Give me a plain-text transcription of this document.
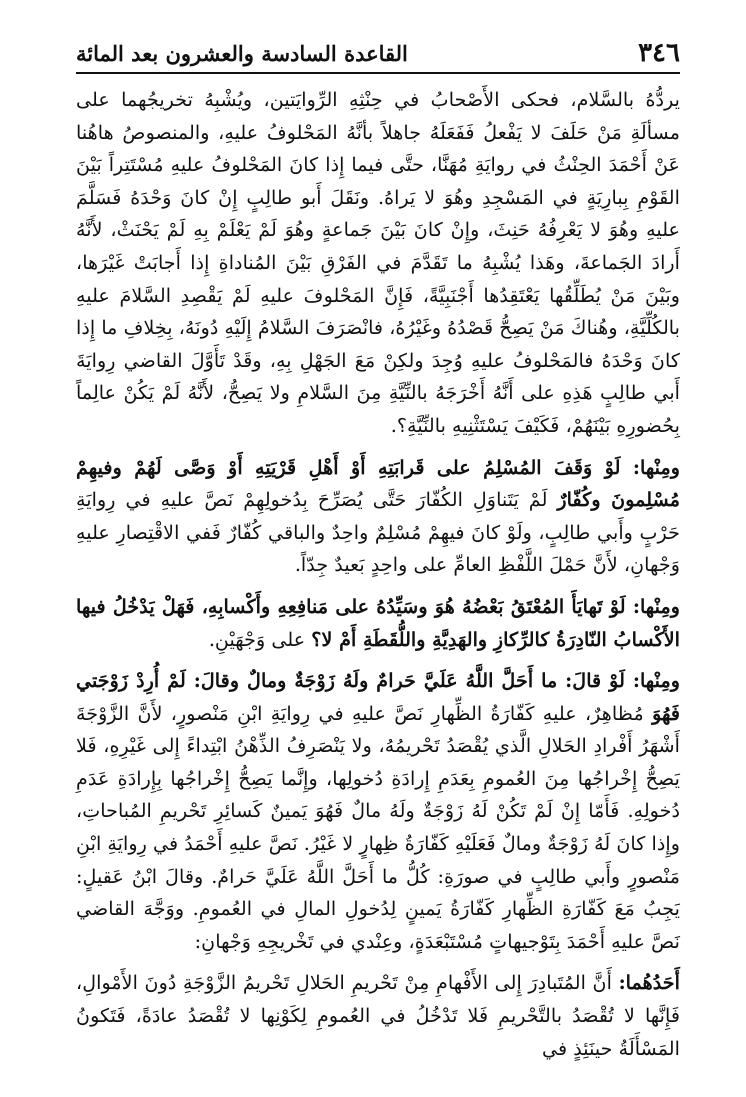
٣٤٦
القاعدة السادسة والعشرون بعد المائة

يردُّهُ بالسَّلام، فحكى الأَصْحابُ في حِنْثِهِ الرِّوايَتين، ويُشْبِهُ تخريجُهما على مسألَةِ مَنْ حَلَفَ لا يَفْعلُ فَفَعَلَهُ جاهلاً بأنَّهُ المَحْلوفُ عليهِ، والمنصوصُ هاهُنا عَنْ أَحْمَدَ الحِنْثُ في روايَةِ مُهَنَّا، حتَّى فيما إِذا كانَ المَحْلوفُ عليهِ مُسْتَتِراً بَيْنَ القَوْمِ بِبارِيَةٍ في المَسْجِدِ وهُوَ لا يَراهُ. ونَقَلَ أَبو طالِبٍ إِنْ كانَ وَحْدَهُ فَسَلَّمَ عليهِ وهُوَ لا يَعْرِفُهُ حَنِثَ، وإِنْ كانَ بَيْنَ جَماعةٍ وهُوَ لَمْ يَعْلَمْ بِهِ لَمْ يَحْنَثْ، لأَنَّهُ أَرادَ الجَماعةَ، وهَذا يُشْبِهُ ما تَقَدَّمَ في الفَرْقِ بَيْنَ المُناداةِ إِذا أَجابَتْ غَيْرَها، وبَيْنَ مَنْ يُطَلِّقُها يَعْتَقِدُها أَجْنَبِيَّةً، فَإِنَّ المَحْلوفَ عليهِ لَمْ يَقْصِدِ السَّلامَ عليهِ بالكُلِّيَّةِ، وهُناكَ مَنْ يَصِحُّ قَصْدُهُ وغَيْرُهُ، فانْصَرَفَ السَّلامُ إِلَيْهِ دُونَهُ، بِخِلافِ ما إِذا كانَ وَحْدَهُ فالمَحْلوفُ عليهِ وُجِدَ ولكِنْ مَعَ الجَهْلِ بِهِ، وقَدْ تَأَوَّلَ القاضي رِوايَةَ أَبي طالِبٍ هَذِهِ على أَنَّهُ أَخْرَجَهُ بالنِّيَّةِ مِنَ السَّلامِ ولا يَصِحُّ، لأَنَّهُ لَمْ يَكُنْ عالِماً بِحُضورِهِ بَيْنَهُمْ، فَكَيْفَ يَسْتَثْنِيهِ بالنِّيَّةِ؟.

ومِنْها: لَوْ وَقَفَ المُسْلِمُ على قَرابَتِهِ أَوْ أَهْلِ قَرْيَتِهِ أَوْ وَصَّى لَهُمْ وفيهِمْ مُسْلِمونَ وكُفّارٌ لَمْ يَتَناوَلِ الكُفّارَ حَتَّى يُصَرِّحَ بِدُخولِهِمْ نَصَّ عليهِ في رِوايَةِ حَرْبٍ وأَبي طالِبٍ، ولَوْ كانَ فيهِمْ مُسْلِمٌ واحِدٌ والباقي كُفّارٌ فَفي الاقْتِصارِ عليهِ وَجْهانِ، لأَنَّ حَمْلَ اللَّفْظِ العامِّ على واحِدٍ بَعيدٌ جِدّاً.

ومِنْها: لَوْ تَهايَأَ المُعْتَقُ بَعْضُهُ هُوَ وسَيِّدُهُ على مَنافِعِهِ وأَكْسابِهِ، فَهَلْ يَدْخُلُ فيها الأَكْسابُ النّادِرَةُ كالرِّكازِ والهَدِيَّةِ واللُّقَطَةِ أَمْ لا؟ على وَجْهَيْنِ.

ومِنْها: لَوْ قالَ: ما أَحَلَّ اللَّهُ عَلَيَّ حَرامٌ ولَهُ زَوْجَةٌ ومالٌ وقالَ: لَمْ أُرِدْ زَوْجَتي فَهُوَ مُظاهِرٌ، عليهِ كَفّارَةُ الظِّهارِ نَصَّ عليهِ في رِوايَةِ ابْنِ مَنْصورٍ، لأَنَّ الزَّوْجَةَ أَشْهَرُ أَفْرادِ الحَلالِ الَّذي يُقْصَدُ تَحْريمُهُ، ولا يَنْصَرِفُ الذِّهْنُ ابْتِداءً إِلى غَيْرِهِ، فَلا يَصِحُّ إِخْراجُها مِنَ العُمومِ بِعَدَمِ إِرادَةِ دُخولِها، وإِنَّما يَصِحُّ إِخْراجُها بِإِرادَةِ عَدَمِ دُخولِهِ. فَأَمّا إِنْ لَمْ تَكُنْ لَهُ زَوْجَةٌ ولَهُ مالٌ فَهُوَ يَمينٌ كَسائِرِ تَحْريمِ المُباحاتِ، وإِذا كانَ لَهُ زَوْجَةٌ ومالٌ فَعَلَيْهِ كَفّارَةُ ظِهارٍ لا غَيْرُ. نَصَّ عليهِ أَحْمَدُ في رِوايَةِ ابْنِ مَنْصورٍ وأَبي طالِبٍ في صورَةِ: كُلُّ ما أَحَلَّ اللَّهُ عَلَيَّ حَرامٌ. وقالَ ابْنُ عَقيلٍ: يَجِبُ مَعَ كَفّارَةِ الظِّهارِ كَفّارَةُ يَمينٍ لِدُخولِ المالِ في العُمومِ. ووَجَّهَ القاضي نَصَّ عليهِ أَحْمَدَ بِتَوْجيهاتٍ مُسْتَبْعَدَةٍ، وعِنْدي في تَخْريجِهِ وَجْهانِ:

أَحَدُهُما: أَنَّ المُتَبادِرَ إِلى الأَفْهامِ مِنْ تَحْريمِ الحَلالِ تَحْريمُ الزَّوْجَةِ دُونَ الأَمْوالِ، فَإِنَّها لا تُقْصَدُ بالتَّحْريمِ فَلا تَدْخُلُ في العُمومِ لِكَوْنِها لا تُقْصَدُ عادَةً، فَتَكونُ المَسْأَلَةُ حينَئِذٍ في
